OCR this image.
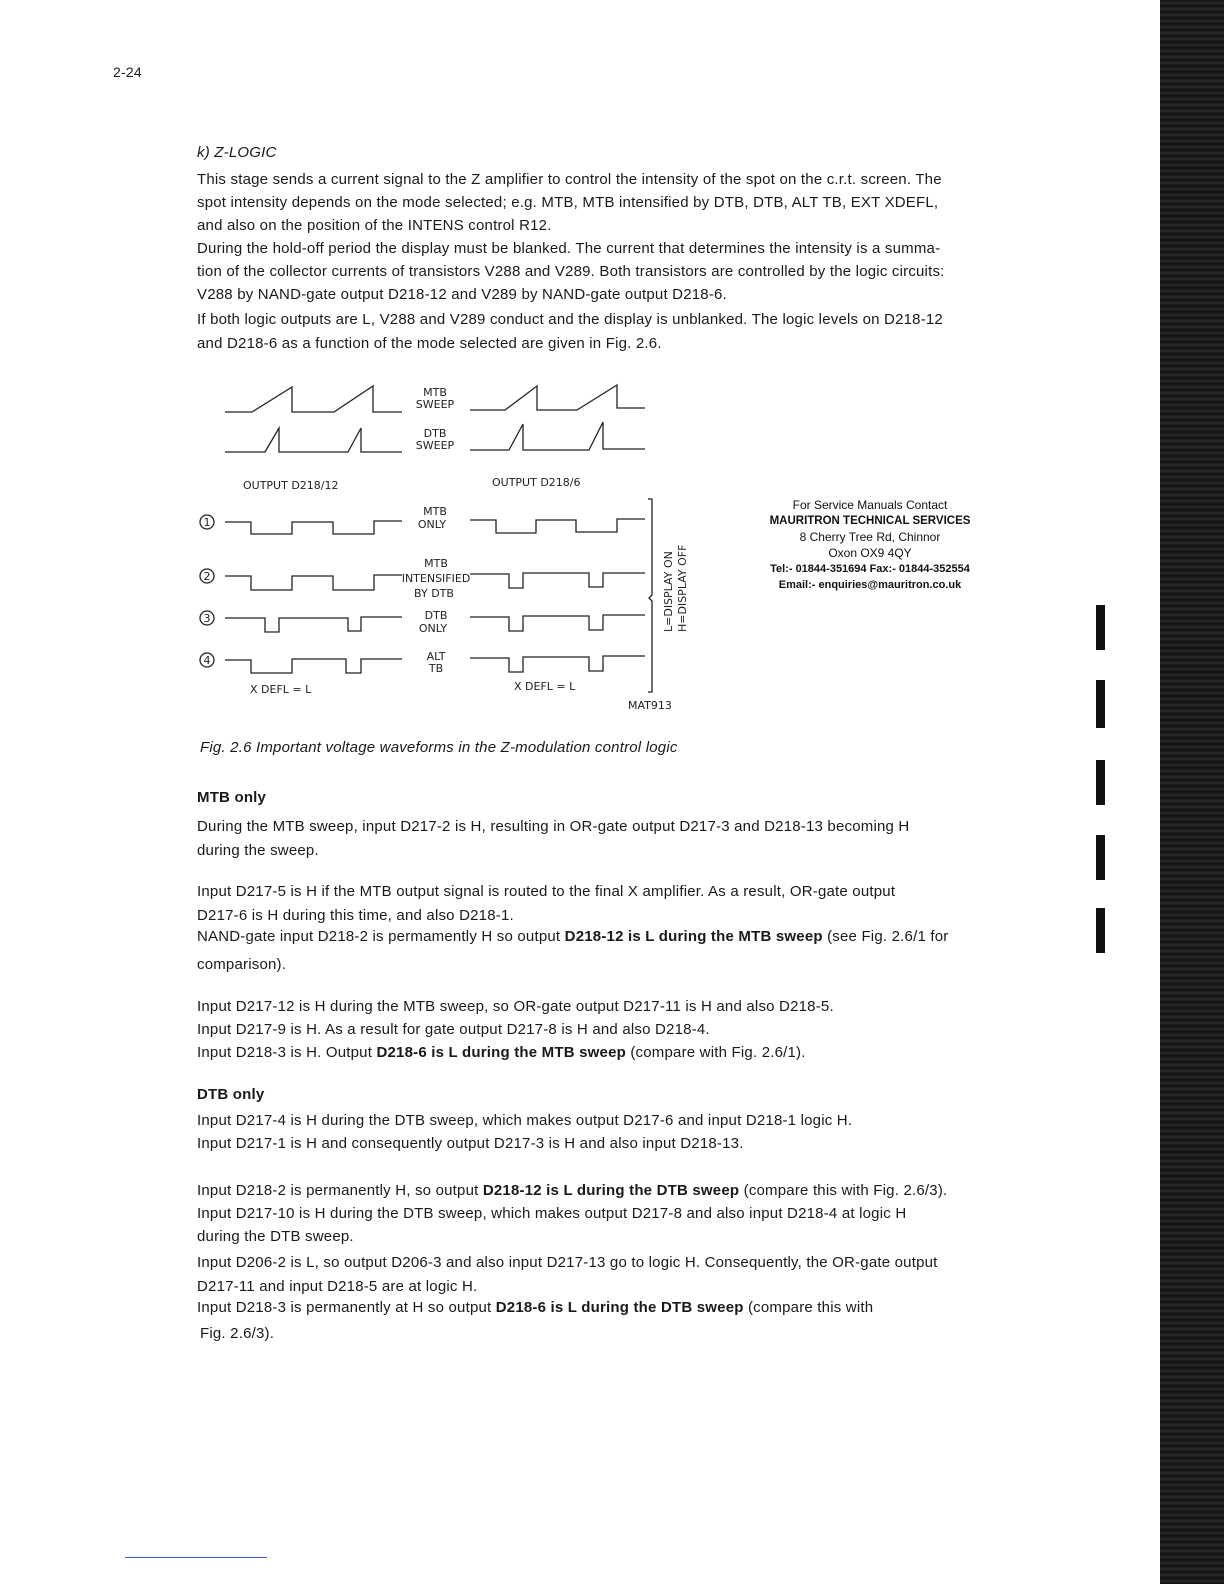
2-24
k) Z-LOGIC
This stage sends a current signal to the Z amplifier to control the intensity of the spot on the c.r.t. screen. The
spot intensity depends on the mode selected; e.g. MTB, MTB intensified by DTB, DTB, ALT TB, EXT XDEFL,
and also on the position of the INTENS control R12.
During the hold-off period the display must be blanked. The current that determines the intensity is a summa-
tion of the collector currents of transistors V288 and V289. Both transistors are controlled by the logic circuits:
V288 by NAND-gate output D218-12 and V289 by NAND-gate output D218-6.
If both logic outputs are L, V288 and V289 conduct and the display is unblanked. The logic levels on D218-12
and D218-6 as a function of the mode selected are given in Fig. 2.6.
1
2
3
4
MTB
SWEEP
DTB
SWEEP
OUTPUT D218/12	OUTPUT D218/6
MTB
ONLY
MTB
INTENSIFIED
BY DTB
DTB
ONLY
ALT
TB
X DEFL = L	X DEFL = L
L=DISPLAY ON H=DISPLAY OFF
MAT913
For Service Manuals Contact
MAURITRON TECHNICAL SERVICES
8 Cherry Tree Rd, Chinnor
Oxon OX9 4QY
Tel:- 01844-351694 Fax:- 01844-352554
Email:- enquiries@mauritron.co.uk
Fig. 2.6 Important voltage waveforms in the Z-modulation control logic
MTB only
During the MTB sweep, input D217-2 is H, resulting in OR-gate output D217-3 and D218-13 becoming H
during the sweep.
Input D217-5 is H if the MTB output signal is routed to the final X amplifier. As a result, OR-gate output
D217-6 is H during this time, and also D218-1.
NAND-gate input D218-2 is permamently H so output D218-12 is L during the MTB sweep (see Fig. 2.6/1 for
comparison).
Input D217-12 is H during the MTB sweep, so OR-gate output D217-11 is H and also D218-5.
Input D217-9 is H. As a result for gate output D217-8 is H and also D218-4.
Input D218-3 is H. Output D218-6 is L during the MTB sweep (compare with Fig. 2.6/1).
DTB only
Input D217-4 is H during the DTB sweep, which makes output D217-6 and input D218-1 logic H.
Input D217-1 is H and consequently output D217-3 is H and also input D218-13.
Input D218-2 is permanently H, so output D218-12 is L during the DTB sweep (compare this with Fig. 2.6/3).
Input D217-10 is H during the DTB sweep, which makes output D217-8 and also input D218-4 at logic H
during the DTB sweep.
Input D206-2 is L, so output D206-3 and also input D217-13 go to logic H. Consequently, the OR-gate output
D217-11 and input D218-5 are at logic H.
Input D218-3 is permanently at H so output D218-6 is L during the DTB sweep (compare this with
Fig. 2.6/3).
